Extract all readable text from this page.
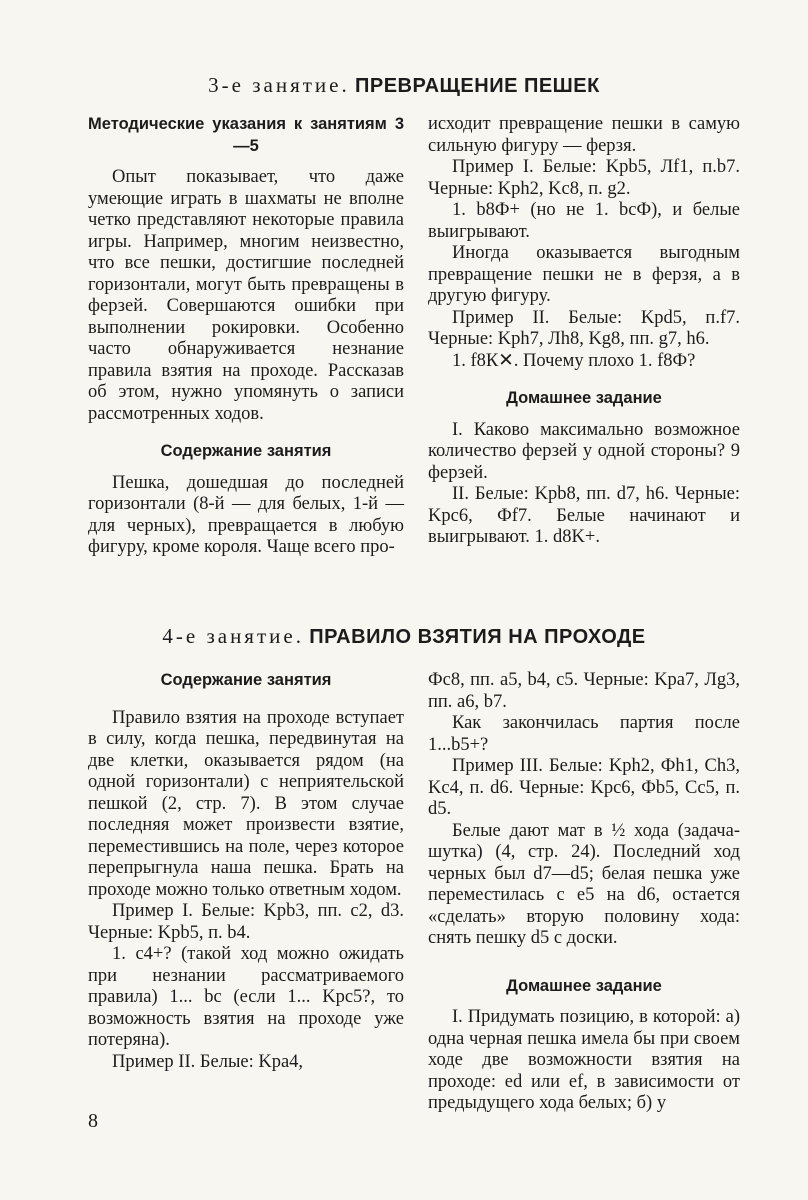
3-е занятие. ПРЕВРАЩЕНИЕ ПЕШЕК
Методические указания к занятиям 3—5

Опыт показывает, что даже умеющие играть в шахматы не вполне четко представляют некоторые правила игры. Например, многим неизвестно, что все пешки, достигшие последней горизонтали, могут быть превращены в ферзей. Совершаются ошибки при выполнении рокировки. Особенно часто обнаруживается незнание правила взятия на проходе. Рассказав об этом, нужно упомянуть о записи рассмотренных ходов.

Содержание занятия

Пешка, дошедшая до последней горизонтали (8-й — для белых, 1-й — для черных), превращается в любую фигуру, кроме короля. Чаще всего про-

исходит превращение пешки в самую сильную фигуру — ферзя.

Пример I. Белые: Kpb5, Лf1, п.b7. Черные: Kph2, Kc8, п. g2.

1. b8Ф+ (но не 1. bcФ), и белые выигрывают.

Иногда оказывается выгодным превращение пешки не в ферзя, а в другую фигуру.

Пример II. Белые: Kpd5, п.f7. Черные: Kph7, Лh8, Kg8, пп. g7, h6.

1. f8К✕. Почему плохо 1. f8Ф?

Домашнее задание

I. Каково максимально возможное количество ферзей у одной стороны? 9 ферзей.

II. Белые: Kpb8, пп. d7, h6. Черные: Kpc6, Фf7. Белые начинают и выигрывают. 1. d8K+.

4-е занятие. ПРАВИЛО ВЗЯТИЯ НА ПРОХОДЕ
Содержание занятия

Правило взятия на проходе вступает в силу, когда пешка, передвинутая на две клетки, оказывается рядом (на одной горизонтали) с неприятельской пешкой (2, стр. 7). В этом случае последняя может произвести взятие, переместившись на поле, через которое перепрыгнула наша пешка. Брать на проходе можно только ответным ходом.

Пример I. Белые: Kpb3, пп. c2, d3. Черные: Kpb5, п. b4.

1. c4+? (такой ход можно ожидать при незнании рассматриваемого правила) 1... bc (если 1... Kpc5?, то возможность взятия на проходе уже потеряна).

Пример II. Белые: Kpa4,

Фc8, пп. a5, b4, c5. Черные: Kpa7, Лg3, пп. a6, b7.

Как закончилась партия после 1...b5+?

Пример III. Белые: Kph2, Фh1, Ch3, Kc4, п. d6. Черные: Kpc6, Фb5, Cc5, п. d5.

Белые дают мат в ½ хода (задача-шутка) (4, стр. 24). Последний ход черных был d7—d5; белая пешка уже переместилась с e5 на d6, остается «сделать» вторую половину хода: снять пешку d5 с доски.

Домашнее задание

I. Придумать позицию, в которой: а) одна черная пешка имела бы при своем ходе две возможности взятия на проходе: ed или ef, в зависимости от предыдущего хода белых; б) у

8
